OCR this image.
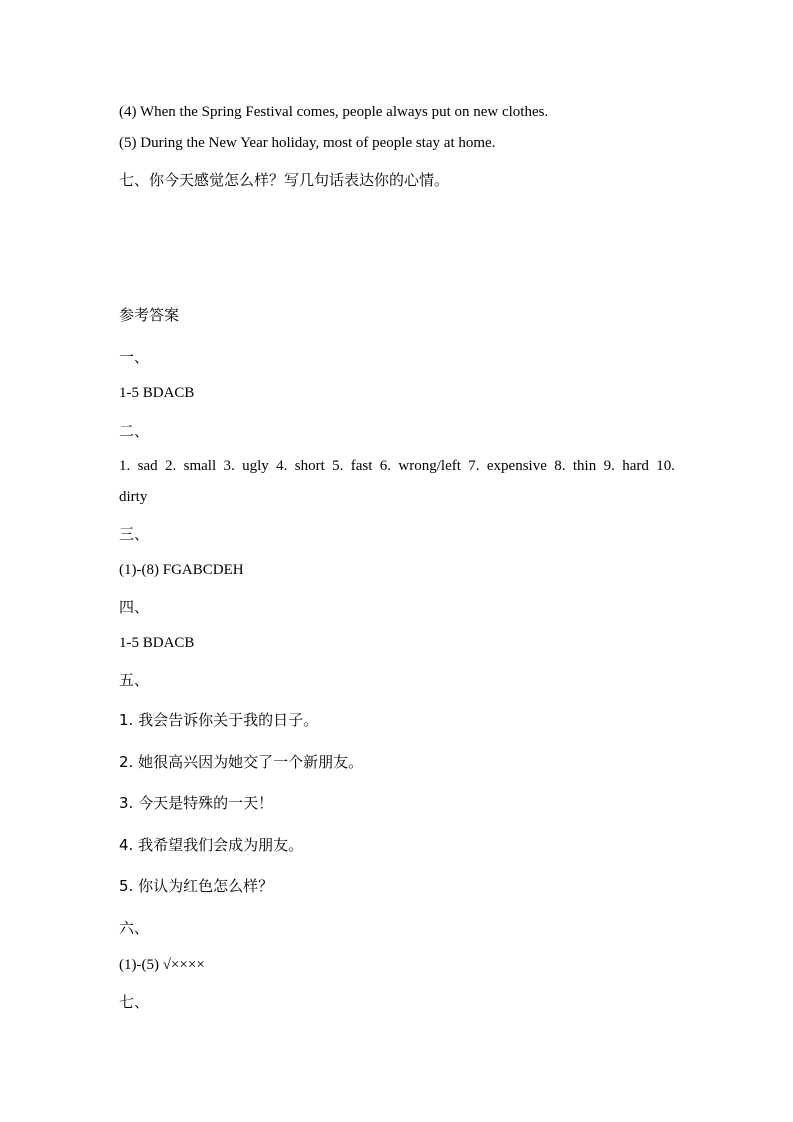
(4) When the Spring Festival comes, people always put on new clothes.
(5) During the New Year holiday, most of people stay at home.
七、你今天感觉怎么样？写几句话表达你的心情。
参考答案
一、
1-5 BDACB
二、
1. sad 2. small 3. ugly 4. short 5. fast 6. wrong/left 7. expensive 8. thin 9. hard 10.
dirty
三、
(1)-(8) FGABCDEH
四、
1-5 BDACB
五、
1. 我会告诉你关于我的日子。
2. 她很高兴因为她交了一个新朋友。
3. 今天是特殊的一天！
4. 我希望我们会成为朋友。
5. 你认为红色怎么样？
六、
(1)-(5) √××××
七、
